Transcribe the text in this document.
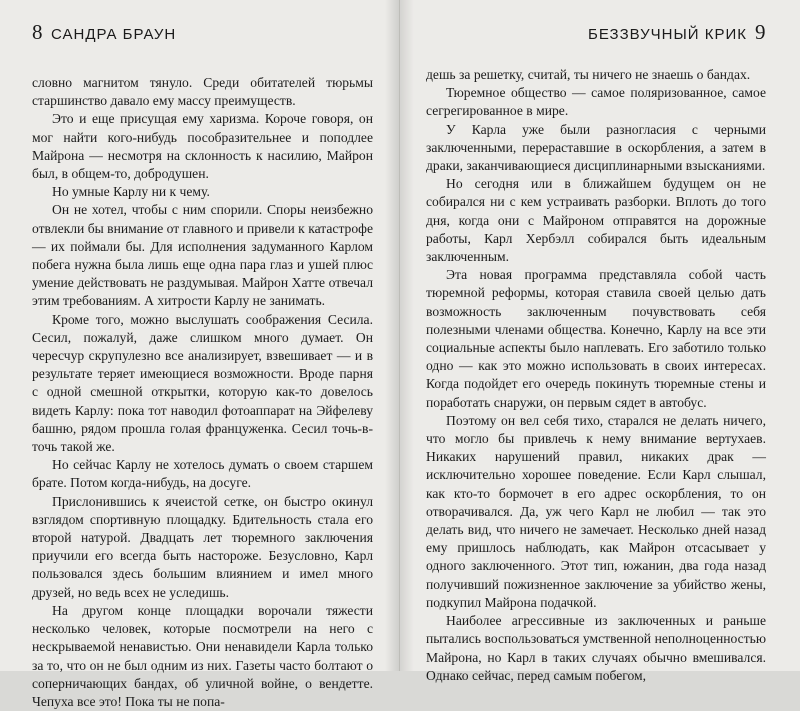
8 САНДРА БРАУН

словно магнитом тянуло. Среди обитателей тюрьмы старшинство давало ему массу преимуществ.

Это и еще присущая ему харизма. Короче говоря, он мог найти кого-нибудь пособразительнее и поподлее Майрона — несмотря на склонность к насилию, Майрон был, в общем-то, добродушен.

Но умные Карлу ни к чему.

Он не хотел, чтобы с ним спорили. Споры неизбежно отвлекли бы внимание от главного и привели к катастрофе — их поймали бы. Для исполнения задуманного Карлом побега нужна была лишь еще одна пара глаз и ушей плюс умение действовать не раздумывая. Майрон Хатте отвечал этим требованиям. А хитрости Карлу не занимать.

Кроме того, можно выслушать соображения Сесила. Сесил, пожалуй, даже слишком много думает. Он чересчур скрупулезно все анализирует, взвешивает — и в результате теряет имеющиеся возможности. Вроде парня с одной смешной открытки, которую как-то довелось видеть Карлу: пока тот наводил фотоаппарат на Эйфелеву башню, рядом прошла голая француженка. Сесил точь-в-точь такой же.

Но сейчас Карлу не хотелось думать о своем старшем брате. Потом когда-нибудь, на досуге.

Прислонившись к ячеистой сетке, он быстро окинул взглядом спортивную площадку. Бдительность стала его второй натурой. Двадцать лет тюремного заключения приучили его всегда быть настороже. Безусловно, Карл пользовался здесь большим влиянием и имел много друзей, но ведь всех не уследишь.

На другом конце площадки ворочали тяжести несколько человек, которые посмотрели на него с нескрываемой ненавистью. Они ненавидели Карла только за то, что он не был одним из них. Газеты часто болтают о соперничающих бандах, об уличной войне, о вендетте. Чепуха все это! Пока ты не попа-

БЕЗЗВУЧНЫЙ КРИК 9

дешь за решетку, считай, ты ничего не знаешь о бандах.

Тюремное общество — самое поляризованное, самое сегрегированное в мире.

У Карла уже были разногласия с черными заключенными, перераставшие в оскорбления, а затем в драки, заканчивающиеся дисциплинарными взысканиями.

Но сегодня или в ближайшем будущем он не собирался ни с кем устраивать разборки. Вплоть до того дня, когда они с Майроном отправятся на дорожные работы, Карл Хербэлл собирался быть идеальным заключенным.

Эта новая программа представляла собой часть тюремной реформы, которая ставила своей целью дать возможность заключенным почувствовать себя полезными членами общества. Конечно, Карлу на все эти социальные аспекты было наплевать. Его заботило только одно — как это можно использовать в своих интересах. Когда подойдет его очередь покинуть тюремные стены и поработать снаружи, он первым сядет в автобус.

Поэтому он вел себя тихо, старался не делать ничего, что могло бы привлечь к нему внимание вертухаев. Никаких нарушений правил, никаких драк — исключительно хорошее поведение. Если Карл слышал, как кто-то бормочет в его адрес оскорбления, то он отворачивался. Да, уж чего Карл не любил — так это делать вид, что ничего не замечает. Несколько дней назад ему пришлось наблюдать, как Майрон отсасывает у одного заключенного. Этот тип, южанин, два года назад получивший пожизненное заключение за убийство жены, подкупил Майрона подачкой.

Наиболее агрессивные из заключенных и раньше пытались воспользоваться умственной неполноценностью Майрона, но Карл в таких случаях обычно вмешивался. Однако сейчас, перед самым побегом,
